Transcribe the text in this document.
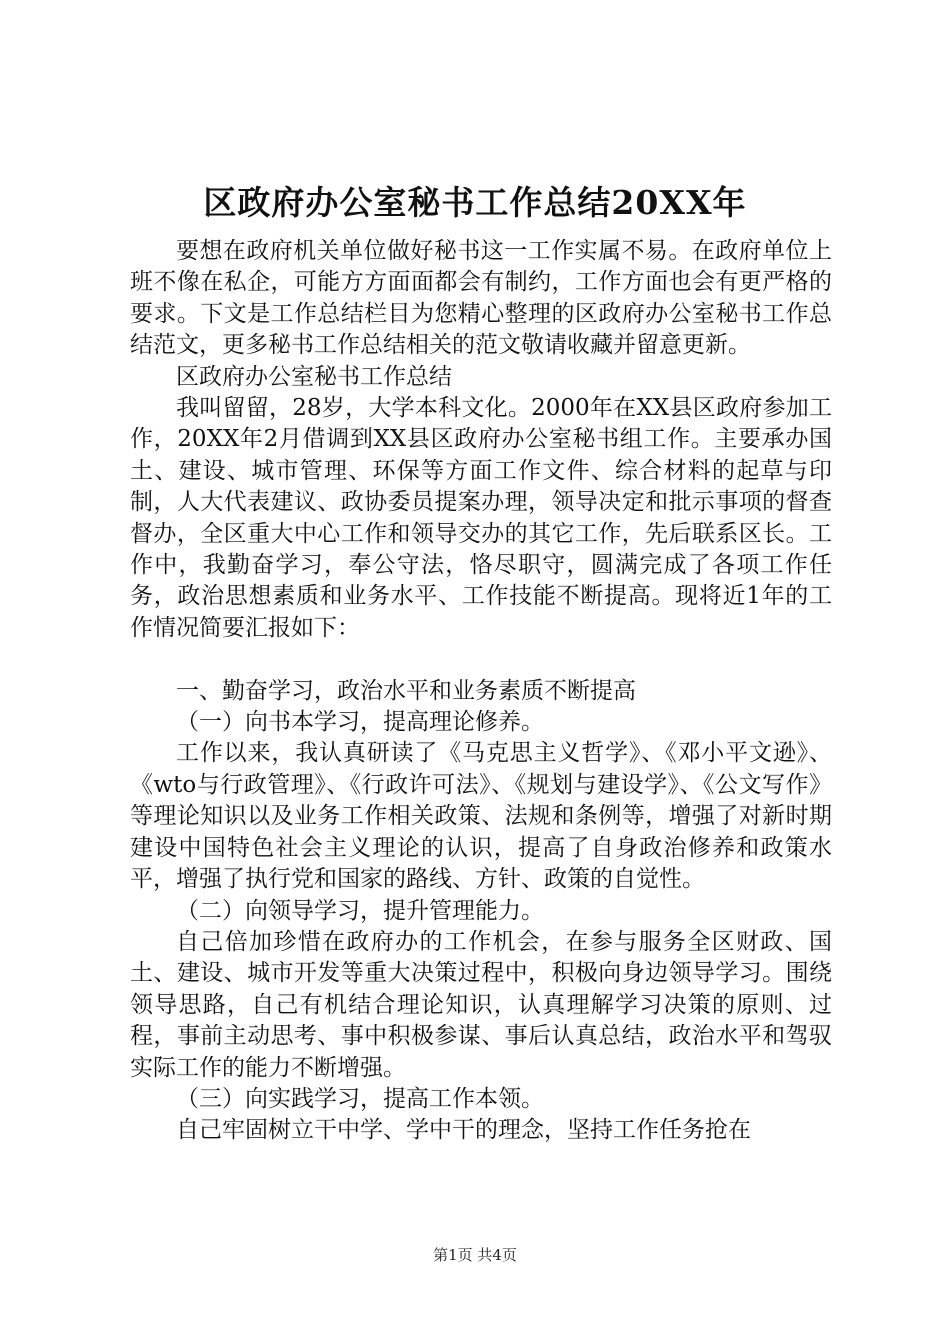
区政府办公室秘书工作总结20XX年

要想在政府机关单位做好秘书这一工作实属不易。在政府单位上班不像在私企，可能方方面面都会有制约，工作方面也会有更严格的要求。下文是工作总结栏目为您精心整理的区政府办公室秘书工作总结范文，更多秘书工作总结相关的范文敬请收藏并留意更新。

区政府办公室秘书工作总结

我叫留留，28岁，大学本科文化。2000年在XX县区政府参加工作，20XX年2月借调到XX县区政府办公室秘书组工作。主要承办国土、建设、城市管理、环保等方面工作文件、综合材料的起草与印制，人大代表建议、政协委员提案办理，领导决定和批示事项的督查督办，全区重大中心工作和领导交办的其它工作，先后联系区长。工作中，我勤奋学习，奉公守法，恪尽职守，圆满完成了各项工作任务，政治思想素质和业务水平、工作技能不断提高。现将近1年的工作情况简要汇报如下：

一、勤奋学习，政治水平和业务素质不断提高

（一）向书本学习，提高理论修养。

工作以来，我认真研读了《马克思主义哲学》、《邓小平文逊》、《wto与行政管理》、《行政许可法》、《规划与建设学》、《公文写作》等理论知识以及业务工作相关政策、法规和条例等，增强了对新时期建设中国特色社会主义理论的认识，提高了自身政治修养和政策水平，增强了执行党和国家的路线、方针、政策的自觉性。

（二）向领导学习，提升管理能力。

自己倍加珍惜在政府办的工作机会，在参与服务全区财政、国土、建设、城市开发等重大决策过程中，积极向身边领导学习。围绕领导思路，自己有机结合理论知识，认真理解学习决策的原则、过程，事前主动思考、事中积极参谋、事后认真总结，政治水平和驾驭实际工作的能力不断增强。

（三）向实践学习，提高工作本领。

自己牢固树立干中学、学中干的理念，坚持工作任务抢在

第1页 共4页
